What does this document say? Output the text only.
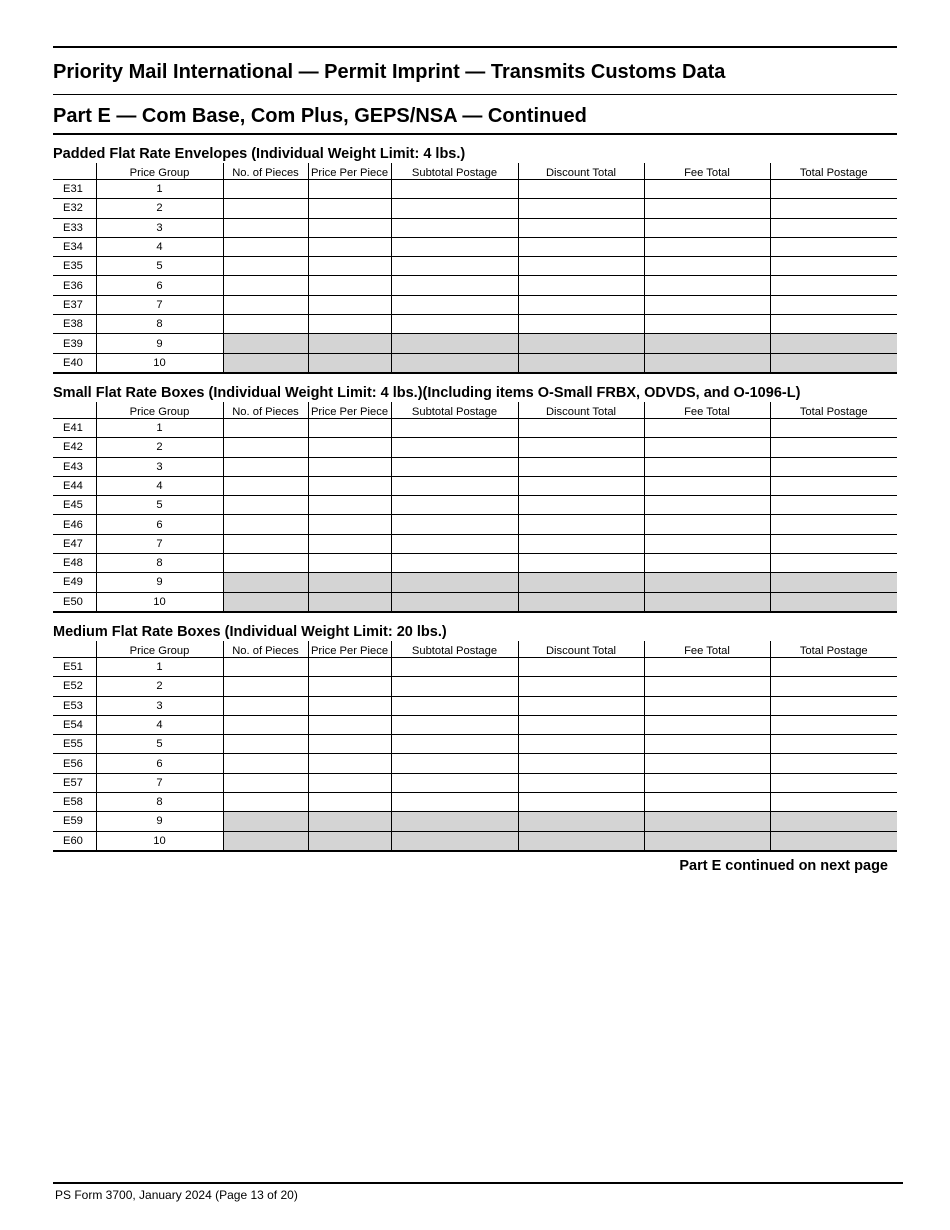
Priority Mail International — Permit Imprint — Transmits Customs Data
Part E — Com Base, Com Plus, GEPS/NSA — Continued
Padded Flat Rate Envelopes (Individual Weight Limit: 4 lbs.)
	Price Group	No. of Pieces	Price Per Piece	Subtotal Postage	Discount Total	Fee Total	Total Postage
E31	1						
E32	2						
E33	3						
E34	4						
E35	5						
E36	6						
E37	7						
E38	8						
E39	9						
E40	10						
Small Flat Rate Boxes (Individual Weight Limit: 4 lbs.)(Including items O-Small FRBX, ODVDS, and O-1096-L)
	Price Group	No. of Pieces	Price Per Piece	Subtotal Postage	Discount Total	Fee Total	Total Postage
E41	1						
E42	2						
E43	3						
E44	4						
E45	5						
E46	6						
E47	7						
E48	8						
E49	9						
E50	10						
Medium Flat Rate Boxes (Individual Weight Limit: 20 lbs.)
	Price Group	No. of Pieces	Price Per Piece	Subtotal Postage	Discount Total	Fee Total	Total Postage
E51	1						
E52	2						
E53	3						
E54	4						
E55	5						
E56	6						
E57	7						
E58	8						
E59	9						
E60	10						
Part E continued on next page
PS Form 3700, January 2024 (Page 13 of 20)
